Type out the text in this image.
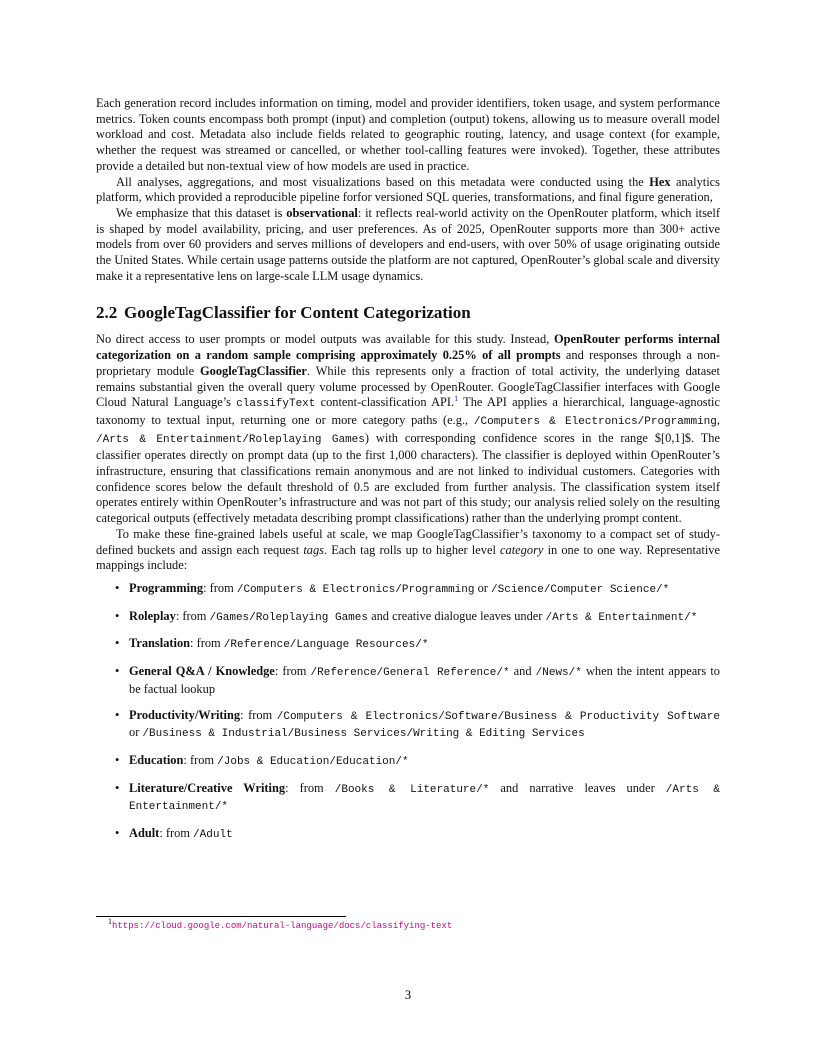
Each generation record includes information on timing, model and provider identifiers, token usage, and system performance metrics. Token counts encompass both prompt (input) and completion (output) tokens, allowing us to measure overall model workload and cost. Metadata also include fields related to geographic routing, latency, and usage context (for example, whether the request was streamed or cancelled, or whether tool-calling features were invoked). Together, these attributes provide a detailed but non-textual view of how models are used in practice.

All analyses, aggregations, and most visualizations based on this metadata were conducted using the Hex analytics platform, which provided a reproducible pipeline forfor versioned SQL queries, transformations, and final figure generation,

We emphasize that this dataset is observational: it reflects real-world activity on the OpenRouter platform, which itself is shaped by model availability, pricing, and user preferences. As of 2025, OpenRouter supports more than 300+ active models from over 60 providers and serves millions of developers and end-users, with over 50% of usage originating outside the United States. While certain usage patterns outside the platform are not captured, OpenRouter’s global scale and diversity make it a representative lens on large-scale LLM usage dynamics.

2.2 GoogleTagClassifier for Content Categorization

No direct access to user prompts or model outputs was available for this study. Instead, OpenRouter performs internal categorization on a random sample comprising approximately 0.25% of all prompts and responses through a non-proprietary module GoogleTagClassifier. While this represents only a fraction of total activity, the underlying dataset remains substantial given the overall query volume processed by OpenRouter. GoogleTagClassifier interfaces with Google Cloud Natural Language’s classifyText content-classification API.$^1$ The API applies a hierarchical, language-agnostic taxonomy to textual input, returning one or more category paths (e.g., /Computers & Electronics/Programming, /Arts & Entertainment/Roleplaying Games) with corresponding confidence scores in the range $[0,1]$. The classifier operates directly on prompt data (up to the first 1,000 characters). The classifier is deployed within OpenRouter’s infrastructure, ensuring that classifications remain anonymous and are not linked to individual customers. Categories with confidence scores below the default threshold of 0.5 are excluded from further analysis. The classification system itself operates entirely within OpenRouter’s infrastructure and was not part of this study; our analysis relied solely on the resulting categorical outputs (effectively metadata describing prompt classifications) rather than the underlying prompt content.

To make these fine-grained labels useful at scale, we map GoogleTagClassifier’s taxonomy to a compact set of study-defined buckets and assign each request tags. Each tag rolls up to higher level category in one to one way. Representative mappings include:

• Programming: from /Computers & Electronics/Programming or /Science/Computer Science/*
• Roleplay: from /Games/Roleplaying Games and creative dialogue leaves under /Arts & Entertainment/*
• Translation: from /Reference/Language Resources/*
• General Q&A / Knowledge: from /Reference/General Reference/* and /News/* when the intent appears to be factual lookup
• Productivity/Writing: from /Computers & Electronics/Software/Business & Productivity Software or /Business & Industrial/Business Services/Writing & Editing Services
• Education: from /Jobs & Education/Education/*
• Literature/Creative Writing: from /Books & Literature/* and narrative leaves under /Arts & Entertainment/*
• Adult: from /Adult
$^1$https://cloud.google.com/natural-language/docs/classifying-text
3
